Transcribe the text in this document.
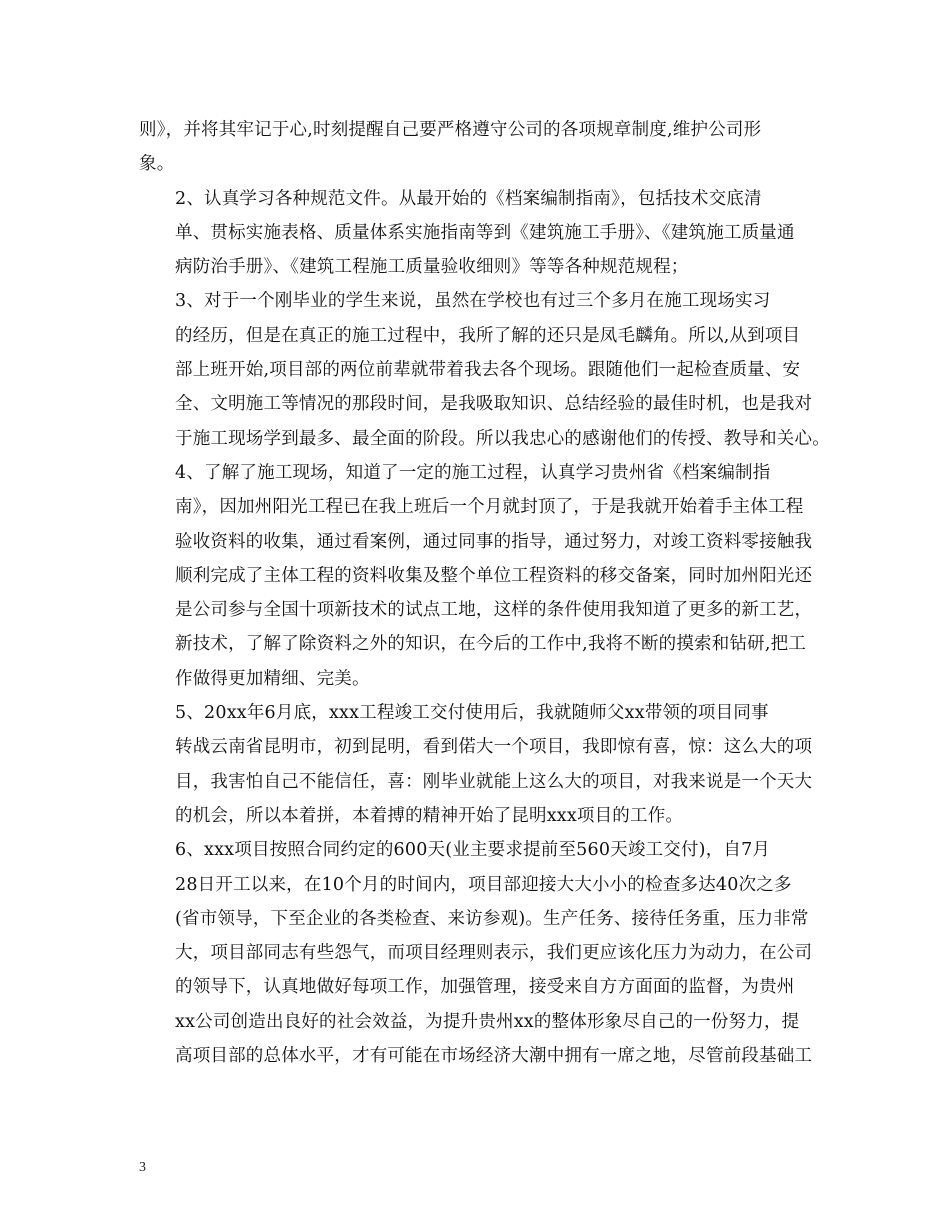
则》，并将其牢记于心,时刻提醒自己要严格遵守公司的各项规章制度,维护公司形
象。

2、认真学习各种规范文件。从最开始的《档案编制指南》，包括技术交底清
单、贯标实施表格、质量体系实施指南等到《建筑施工手册》、《建筑施工质量通
病防治手册》、《建筑工程施工质量验收细则》等等各种规范规程；

3、对于一个刚毕业的学生来说，虽然在学校也有过三个多月在施工现场实习
的经历，但是在真正的施工过程中，我所了解的还只是凤毛麟角。所以,从到项目
部上班开始,项目部的两位前辈就带着我去各个现场。跟随他们一起检查质量、安
全、文明施工等情况的那段时间，是我吸取知识、总结经验的最佳时机，也是我对
于施工现场学到最多、最全面的阶段。所以我忠心的感谢他们的传授、教导和关心。

4、了解了施工现场，知道了一定的施工过程，认真学习贵州省《档案编制指
南》，因加州阳光工程已在我上班后一个月就封顶了，于是我就开始着手主体工程
验收资料的收集，通过看案例，通过同事的指导，通过努力，对竣工资料零接触我
顺利完成了主体工程的资料收集及整个单位工程资料的移交备案，同时加州阳光还
是公司参与全国十项新技术的试点工地，这样的条件使用我知道了更多的新工艺，
新技术，了解了除资料之外的知识，在今后的工作中,我将不断的摸索和钻研,把工
作做得更加精细、完美。

5、20xx年6月底，xxx工程竣工交付使用后，我就随师父xx带领的项目同事
转战云南省昆明市，初到昆明，看到偌大一个项目，我即惊有喜，惊：这么大的项
目，我害怕自己不能信任，喜：刚毕业就能上这么大的项目，对我来说是一个天大
的机会，所以本着拼，本着搏的精神开始了昆明xxx项目的工作。

6、xxx项目按照合同约定的600天(业主要求提前至560天竣工交付)，自7月
28日开工以来，在10个月的时间内，项目部迎接大大小小的检查多达40次之多
(省市领导，下至企业的各类检查、来访参观)。生产任务、接待任务重，压力非常
大，项目部同志有些怨气，而项目经理则表示，我们更应该化压力为动力，在公司
的领导下，认真地做好每项工作，加强管理，接受来自方方面面的监督，为贵州
xx公司创造出良好的社会效益，为提升贵州xx的整体形象尽自己的一份努力，提
高项目部的总体水平，才有可能在市场经济大潮中拥有一席之地，尽管前段基础工

3
